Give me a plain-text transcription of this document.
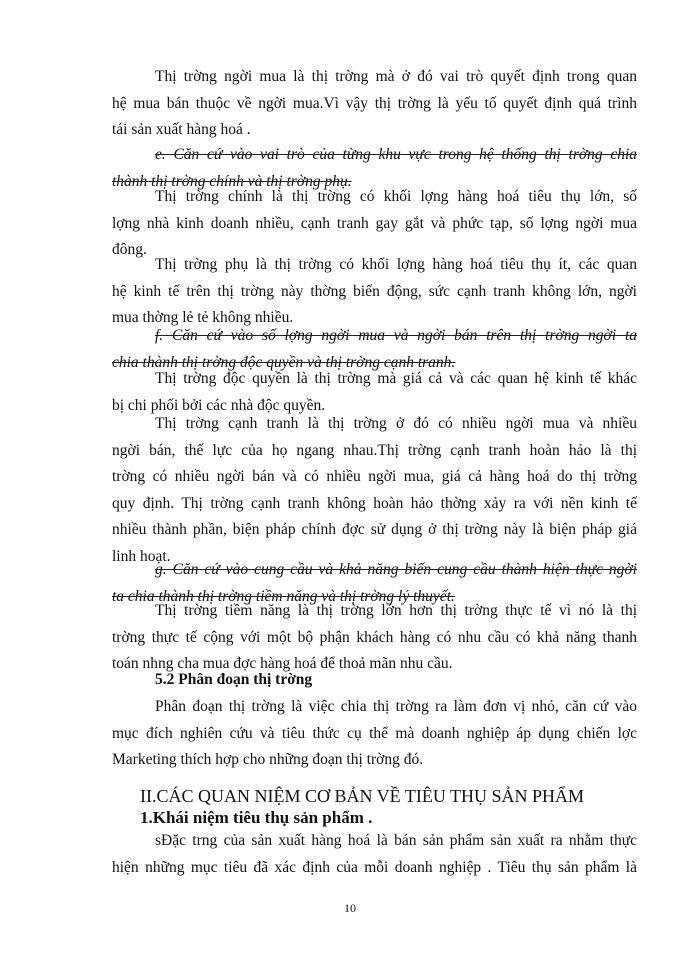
Thị trờng ngời mua là thị trờng mà ở đó vai trò quyết định trong quan
hệ mua bán thuộc về ngời mua.Vì vậy thị trờng là yếu tố quyết định quá trình
tái sản xuất hàng hoá .
e. Căn cứ vào vai trò của từng khu vực trong hệ thống thị trờng chia
thành thị trờng chính và thị trờng phụ.
Thị trờng chính là thị trờng có khối lợng hàng hoá tiêu thụ lớn, số
lợng nhà kinh doanh nhiều, cạnh tranh gay gắt và phức tạp, số lợng ngời mua
đông.
Thị trờng phụ là thị trờng có khối lợng hàng hoá tiêu thụ ít, các quan
hệ kinh tế trên thị trờng này thờng biến động, sức cạnh tranh không lớn, ngời
mua thờng lẻ tẻ không nhiều.
f. Căn cứ vào số lợng ngời mua và ngời bán trên thị trờng ngời ta
chia thành thị trờng độc quyền và thị trờng cạnh tranh.
Thị trờng độc quyền là thị trờng mà giá cả và các quan hệ kinh tế khác
bị chi phối bởi các nhà độc quyền.
Thị trờng cạnh tranh là thị trờng ở đó có nhiều ngời mua và nhiều
ngời bán, thế lực của họ ngang nhau.Thị trờng cạnh tranh hoàn hảo là thị
trờng có nhiều ngời bán và có nhiều ngời mua, giá cả hàng hoá do thị trờng
quy định. Thị trờng cạnh tranh không hoàn hảo thờng xảy ra với nền kinh tế
nhiều thành phần, biện pháp chính đợc sử dụng ở thị trờng này là biện pháp giá
linh hoạt.
g. Căn cứ vào cung cầu và khả năng biến cung cầu thành hiện thực ngời
ta chia thành thị trờng tiềm năng và thị trờng lý thuyết.
Thị trờng tiềm năng là thị trờng lớn hơn thị trờng thực tế vì nó là thị
trờng thực tế cộng với một bộ phận khách hàng có nhu cầu có khả năng thanh
toán nhng cha mua đợc hàng hoá để thoả mãn nhu cầu.
5.2 Phân đoạn thị trờng
Phân đoạn thị trờng là việc chia thị trờng ra làm đơn vị nhỏ, căn cứ vào
mục đích nghiên cứu và tiêu thức cụ thể mà doanh nghiệp áp dụng chiến lợc
Marketing thích hợp cho những đoạn thị trờng đó.
II.CÁC QUAN NIỆM CƠ BẢN VỀ TIÊU THỤ SẢN PHẨM
1.Khái niệm tiêu thụ sản phẩm .
sĐặc trng của sản xuất hàng hoá là bán sản phẩm sản xuất ra nhằm thực
hiện những mục tiêu đã xác định của mỗi doanh nghiệp . Tiêu thụ sản phẩm là
10
